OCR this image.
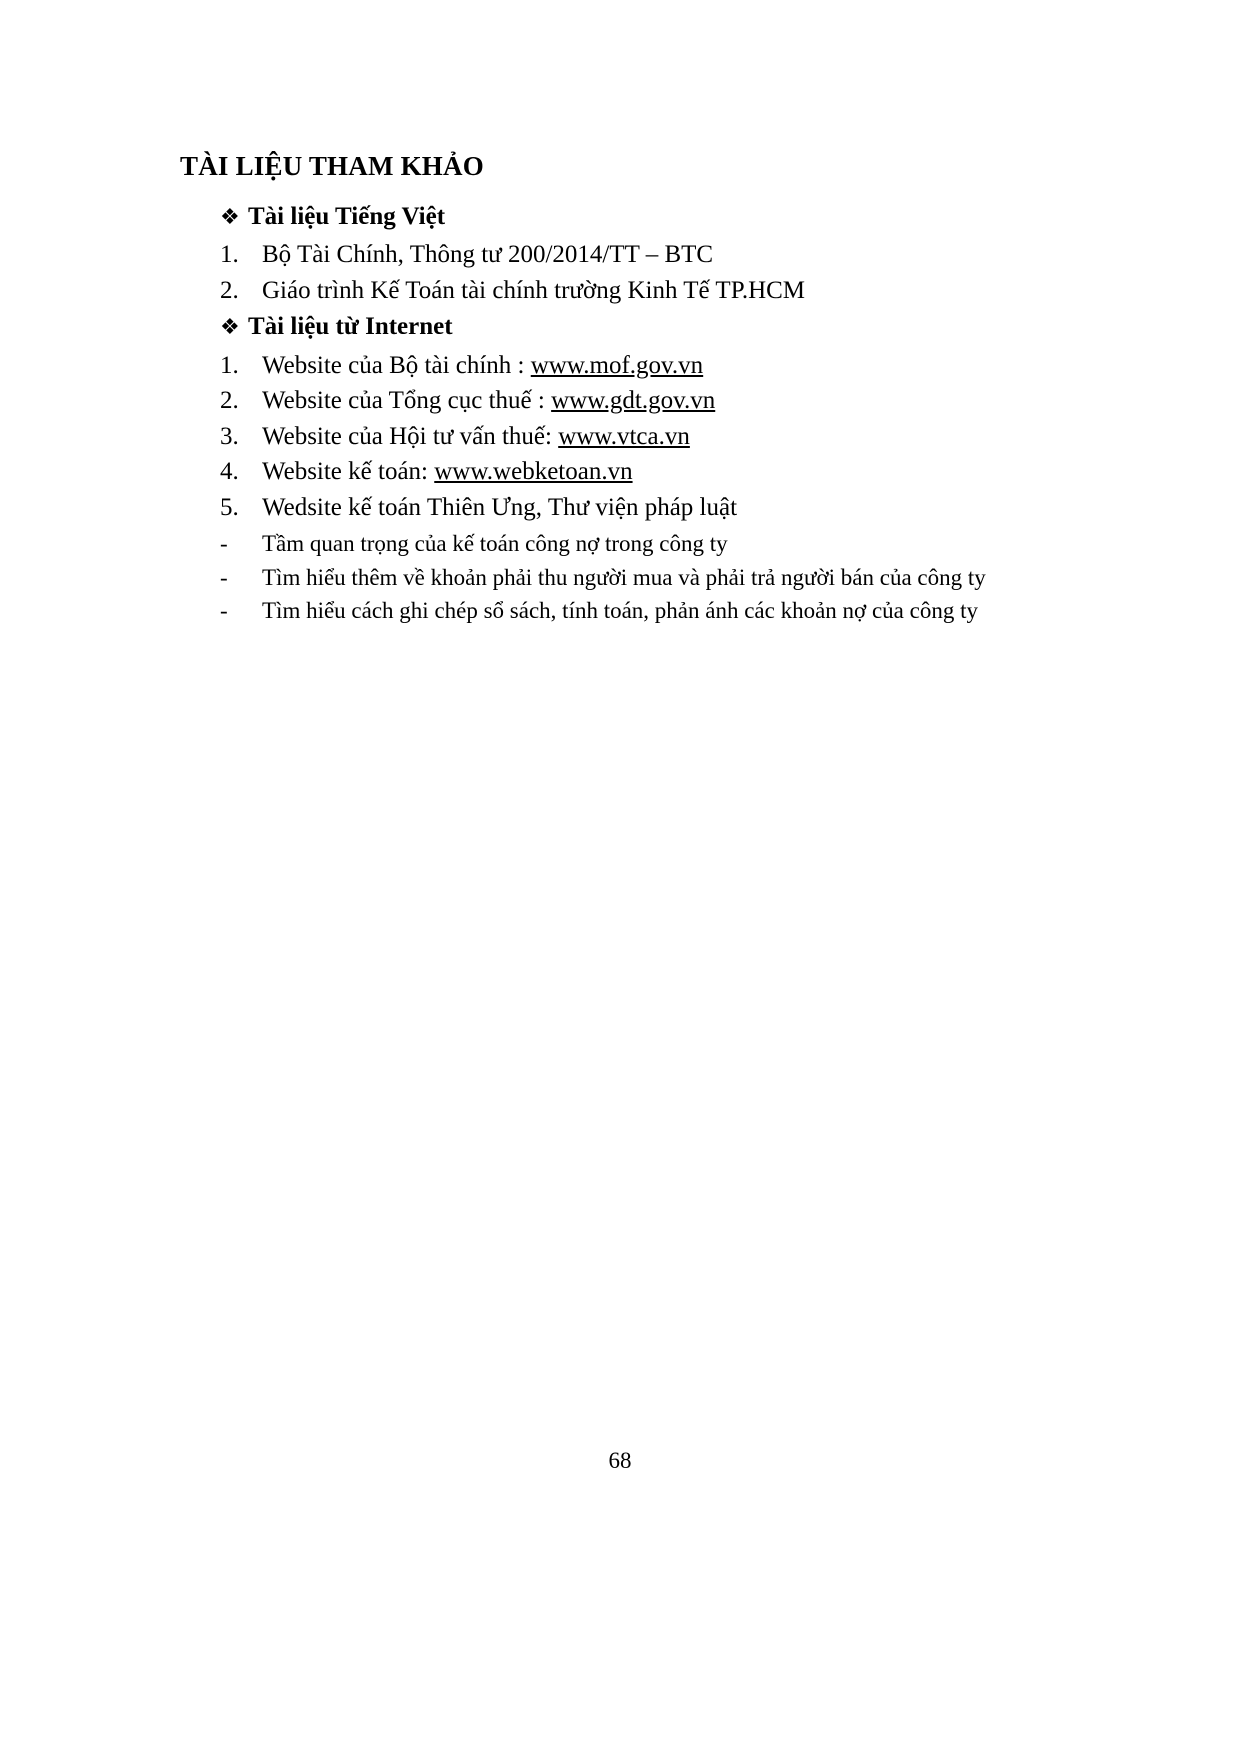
TÀI LIỆU THAM KHẢO
❖ Tài liệu Tiếng Việt
1. Bộ Tài Chính, Thông tư 200/2014/TT – BTC
2. Giáo trình Kế Toán tài chính trường Kinh Tế TP.HCM
❖ Tài liệu từ Internet
1. Website của Bộ tài chính : www.mof.gov.vn
2. Website của Tổng cục thuế : www.gdt.gov.vn
3. Website của Hội tư vấn thuế: www.vtca.vn
4. Website kế toán: www.webketoan.vn
5. Wedsite kế toán Thiên Ưng, Thư viện pháp luật
-	Tầm quan trọng của kế toán công nợ trong công ty
-	Tìm hiểu thêm về khoản phải thu người mua và phải trả người bán của công ty
-	Tìm hiểu cách ghi chép sổ sách, tính toán, phản ánh các khoản nợ của công ty
68
